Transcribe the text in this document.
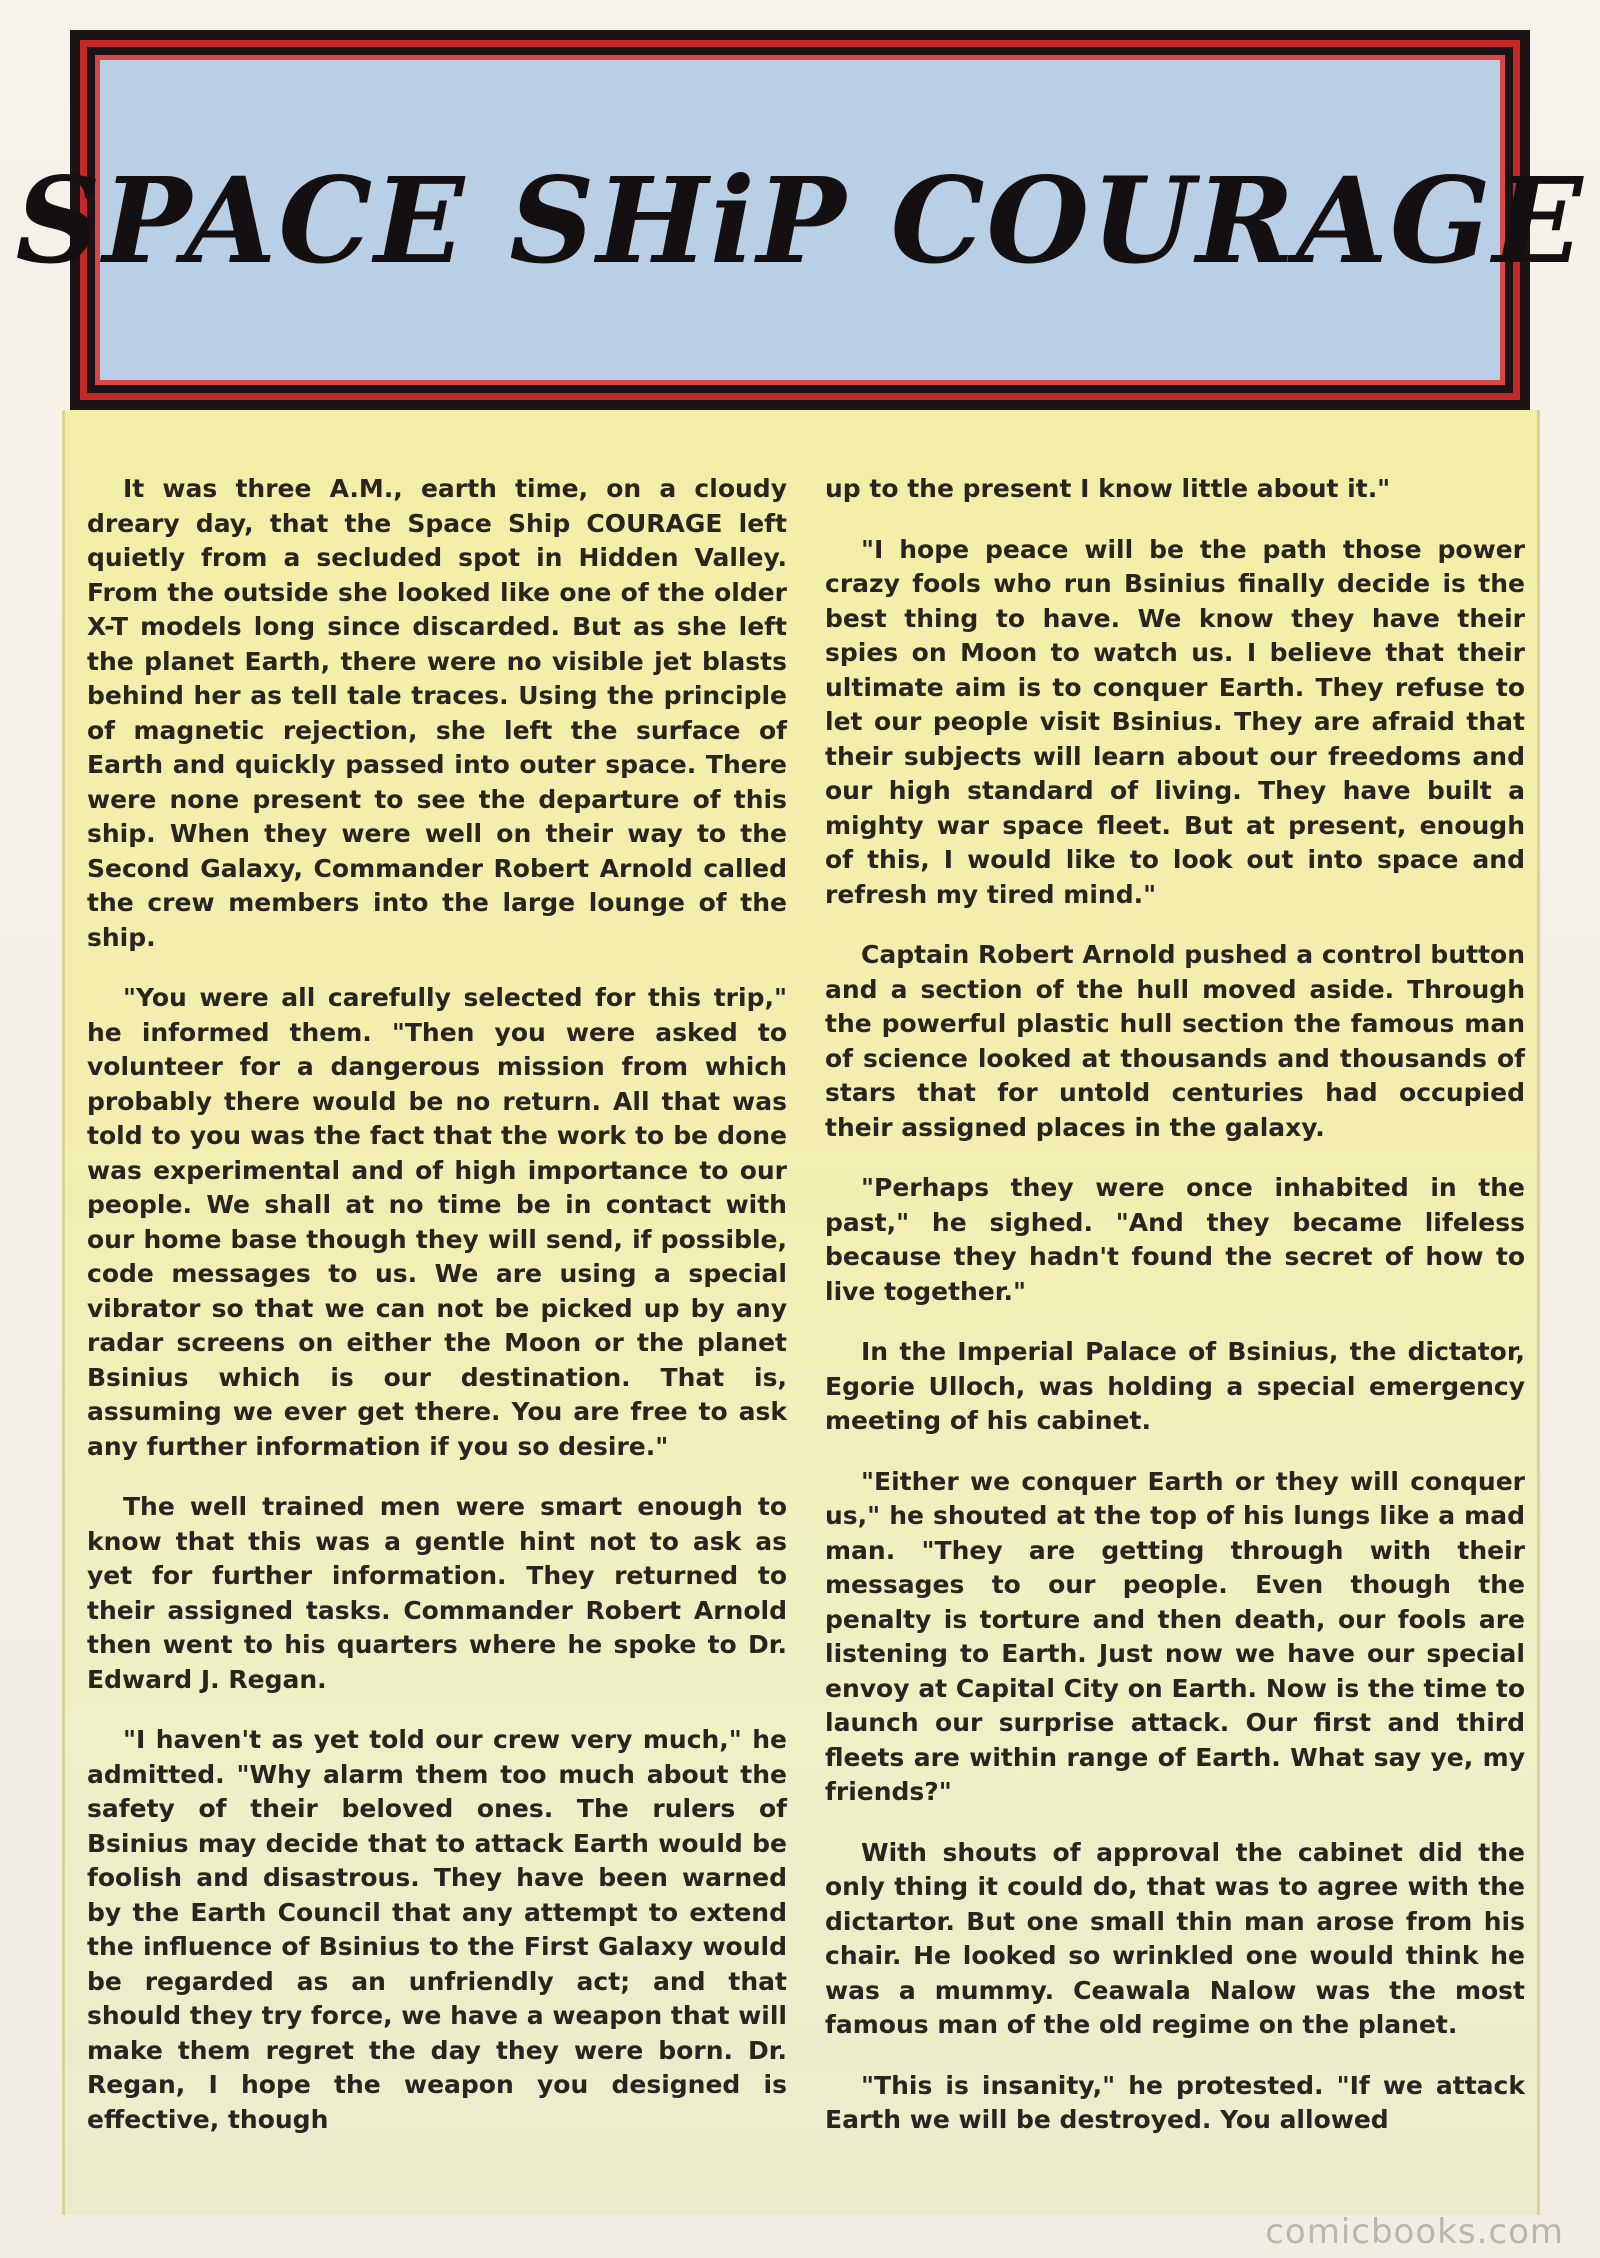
SPACE SHiP COURAGE

It was three A.M., earth time, on a cloudy dreary day, that the Space Ship COURAGE left quietly from a secluded spot in Hidden Valley. From the outside she looked like one of the older X-T models long since discarded. But as she left the planet Earth, there were no visible jet blasts behind her as tell tale traces. Using the principle of magnetic rejection, she left the surface of Earth and quickly passed into outer space. There were none present to see the departure of this ship. When they were well on their way to the Second Galaxy, Commander Robert Arnold called the crew members into the large lounge of the ship.

"You were all carefully selected for this trip," he informed them. "Then you were asked to volunteer for a dangerous mission from which probably there would be no return. All that was told to you was the fact that the work to be done was experimental and of high importance to our people. We shall at no time be in contact with our home base though they will send, if possible, code messages to us. We are using a special vibrator so that we can not be picked up by any radar screens on either the Moon or the planet Bsinius which is our destination. That is, assuming we ever get there. You are free to ask any further information if you so desire."

The well trained men were smart enough to know that this was a gentle hint not to ask as yet for further information. They returned to their assigned tasks. Commander Robert Arnold then went to his quarters where he spoke to Dr. Edward J. Regan.

"I haven't as yet told our crew very much," he admitted. "Why alarm them too much about the safety of their beloved ones. The rulers of Bsinius may decide that to attack Earth would be foolish and disastrous. They have been warned by the Earth Council that any attempt to extend the influence of Bsinius to the First Galaxy would be regarded as an unfriendly act; and that should they try force, we have a weapon that will make them regret the day they were born. Dr. Regan, I hope the weapon you designed is effective, though

up to the present I know little about it."

"I hope peace will be the path those power crazy fools who run Bsinius finally decide is the best thing to have. We know they have their spies on Moon to watch us. I believe that their ultimate aim is to conquer Earth. They refuse to let our people visit Bsinius. They are afraid that their subjects will learn about our freedoms and our high standard of living. They have built a mighty war space fleet. But at present, enough of this, I would like to look out into space and refresh my tired mind."

Captain Robert Arnold pushed a control button and a section of the hull moved aside. Through the powerful plastic hull section the famous man of science looked at thousands and thousands of stars that for untold centuries had occupied their assigned places in the galaxy.

"Perhaps they were once inhabited in the past," he sighed. "And they became lifeless because they hadn't found the secret of how to live together."

In the Imperial Palace of Bsinius, the dictator, Egorie Ulloch, was holding a special emergency meeting of his cabinet.

"Either we conquer Earth or they will conquer us," he shouted at the top of his lungs like a mad man. "They are getting through with their messages to our people. Even though the penalty is torture and then death, our fools are listening to Earth. Just now we have our special envoy at Capital City on Earth. Now is the time to launch our surprise attack. Our first and third fleets are within range of Earth. What say ye, my friends?"

With shouts of approval the cabinet did the only thing it could do, that was to agree with the dictartor. But one small thin man arose from his chair. He looked so wrinkled one would think he was a mummy. Ceawala Nalow was the most famous man of the old regime on the planet.

"This is insanity," he protested. "If we attack Earth we will be destroyed. You allowed

comicbooks.com
